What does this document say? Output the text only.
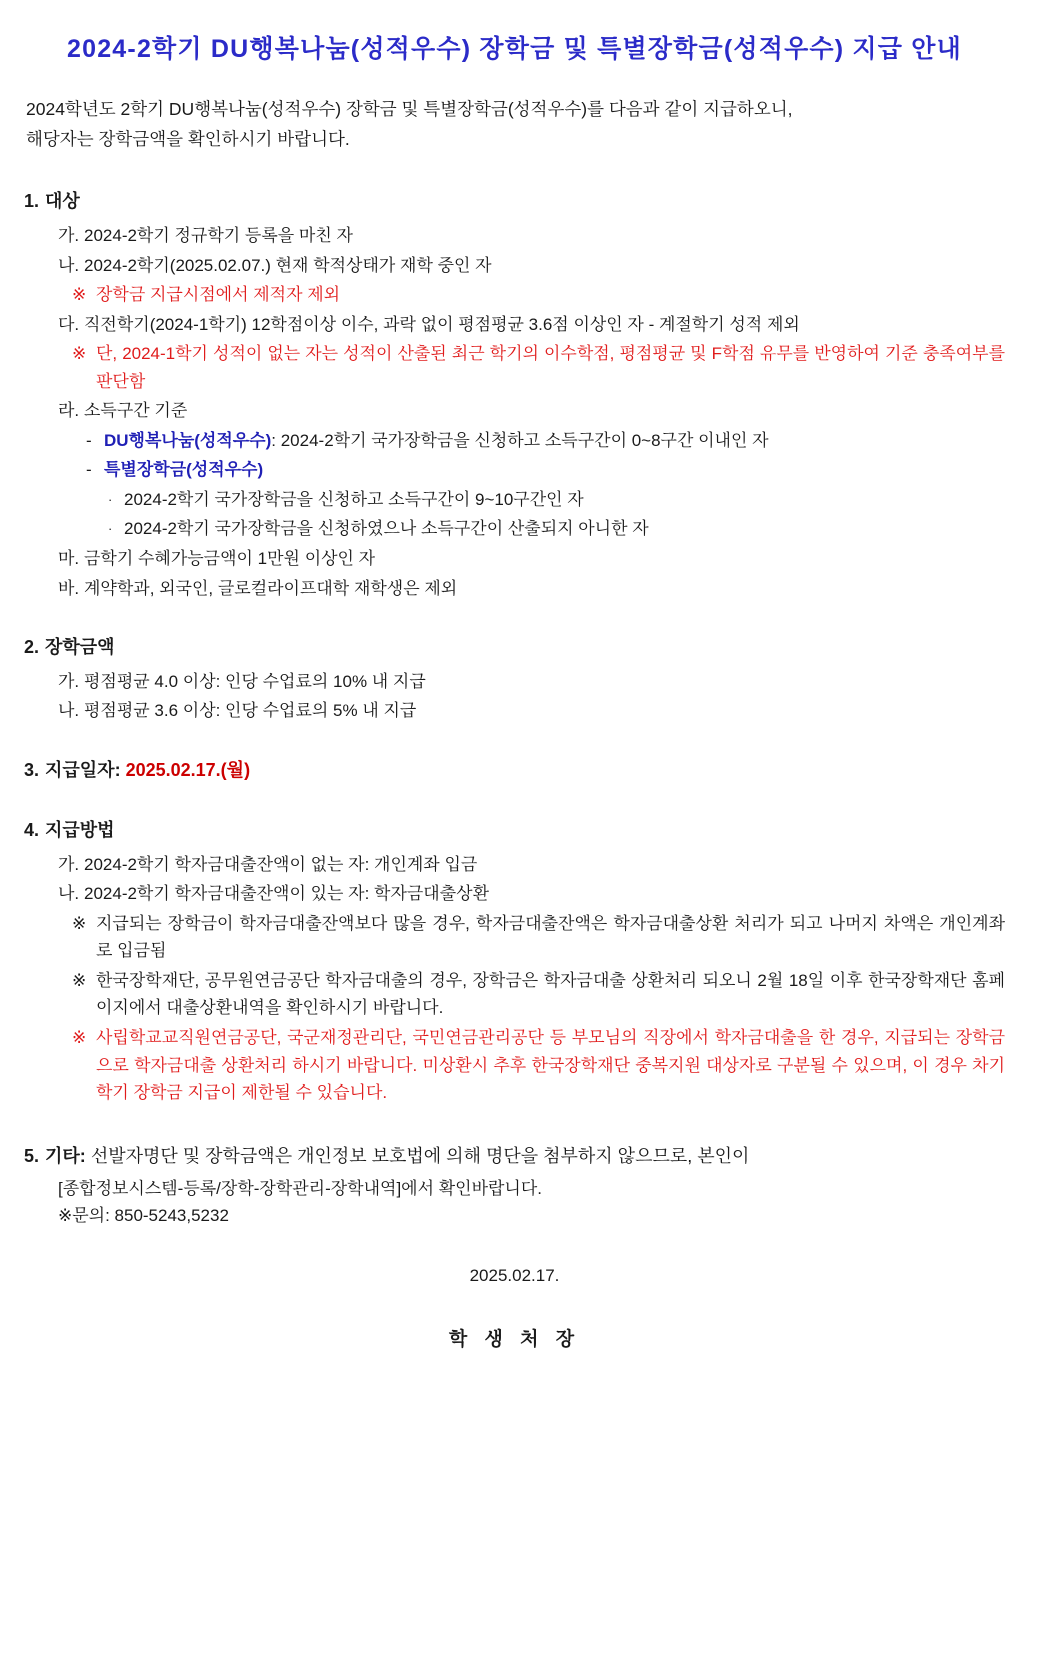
2024-2학기 DU행복나눔(성적우수) 장학금 및 특별장학금(성적우수) 지급 안내
2024학년도 2학기 DU행복나눔(성적우수) 장학금 및 특별장학금(성적우수)를 다음과 같이 지급하오니,
해당자는 장학금액을 확인하시기 바랍니다.
1. 대상
가. 2024-2학기 정규학기 등록을 마친 자
나. 2024-2학기(2025.02.07.) 현재 학적상태가 재학 중인 자
※ 장학금 지급시점에서 제적자 제외
다. 직전학기(2024-1학기) 12학점이상 이수, 과락 없이 평점평균 3.6점 이상인 자 - 계절학기 성적 제외
※ 단, 2024-1학기 성적이 없는 자는 성적이 산출된 최근 학기의 이수학점, 평점평균 및 F학점 유무를 반영하여 기준 충족여부를 판단함
라. 소득구간 기준
- DU행복나눔(성적우수): 2024-2학기 국가장학금을 신청하고 소득구간이 0~8구간 이내인 자
- 특별장학금(성적우수)
· 2024-2학기 국가장학금을 신청하고 소득구간이 9~10구간인 자
· 2024-2학기 국가장학금을 신청하였으나 소득구간이 산출되지 아니한 자
마. 금학기 수혜가능금액이 1만원 이상인 자
바. 계약학과, 외국인, 글로컬라이프대학 재학생은 제외
2. 장학금액
가. 평점평균 4.0 이상: 인당 수업료의 10% 내 지급
나. 평점평균 3.6 이상: 인당 수업료의 5% 내 지급
3. 지급일자: 2025.02.17.(월)
4. 지급방법
가. 2024-2학기 학자금대출잔액이 없는 자: 개인계좌 입금
나. 2024-2학기 학자금대출잔액이 있는 자: 학자금대출상환
※ 지급되는 장학금이 학자금대출잔액보다 많을 경우, 학자금대출잔액은 학자금대출상환 처리가 되고 나머지 차액은 개인계좌로 입금됨
※ 한국장학재단, 공무원연금공단 학자금대출의 경우, 장학금은 학자금대출 상환처리 되오니 2월 18일 이후 한국장학재단 홈페이지에서 대출상환내역을 확인하시기 바랍니다.
※ 사립학교교직원연금공단, 국군재정관리단, 국민연금관리공단 등 부모님의 직장에서 학자금대출을 한 경우, 지급되는 장학금으로 학자금대출 상환처리 하시기 바랍니다. 미상환시 추후 한국장학재단 중복지원 대상자로 구분될 수 있으며, 이 경우 차기 학기 장학금 지급이 제한될 수 있습니다.
5. 기타: 선발자명단 및 장학금액은 개인정보 보호법에 의해 명단을 첨부하지 않으므로, 본인이
[종합정보시스템-등록/장학-장학관리-장학내역]에서 확인바랍니다.
※문의: 850-5243,5232
2025.02.17.
학 생 처 장
